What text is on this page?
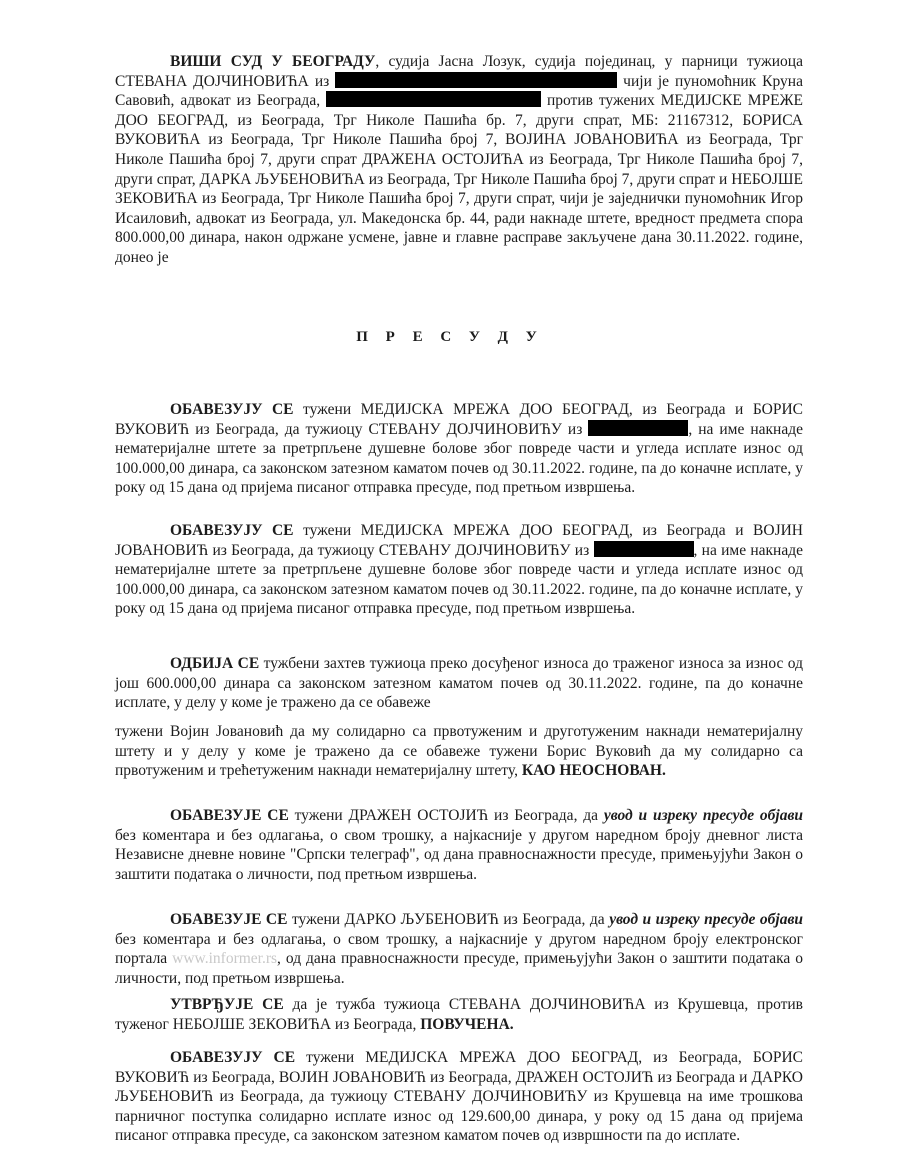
ВИШИ СУД У БЕОГРАДУ, судија Јасна Лозук, судија појединац, у парници тужиоца СТЕВАНА ДОЈЧИНОВИЋА из	чији је пуномоћник Круна Савовић, адвокат из Београда,	против тужених МЕДИЈСКЕ МРЕЖЕ ДОО БЕОГРАД, из Београда, Трг Николе Пашића бр. 7, други спрат, МБ: 21167312, БОРИСА ВУКОВИЋА из Београда, Трг Николе Пашића број 7, ВОЈИНА ЈОВАНОВИЋА из Београда, Трг Николе Пашића број 7, други спрат ДРАЖЕНА ОСТОЈИЋА из Београда, Трг Николе Пашића број 7, други спрат, ДАРКА ЉУБЕНОВИЋА из Београда, Трг Николе Пашића број 7, други спрат и НЕБОЈШЕ ЗЕКОВИЋА из Београда, Трг Николе Пашића број 7, други спрат, чији је заједнички пуномоћник Игор Исаиловић, адвокат из Београда, ул. Македонска бр. 44, ради накнаде штете, вредност предмета спора 800.000,00 динара, након одржане усмене, јавне и главне расправе закључене дана 30.11.2022. године, донео је

П Р Е С У Д У

ОБАВЕЗУЈУ СЕ тужени МЕДИЈСКА МРЕЖА ДОО БЕОГРАД, из Београда и БОРИС ВУКОВИЋ из Београда, да тужиоцу СТЕВАНУ ДОЈЧИНОВИЋУ из	, на име накнаде нематеријалне штете за претрпљене душевне болове због повреде части и угледа исплате износ од 100.000,00 динара, са законском затезном каматом почев од 30.11.2022. године, па до коначне исплате, у року од 15 дана од пријема писаног отправка пресуде, под претњом извршења.

ОБАВЕЗУЈУ СЕ тужени МЕДИЈСКА МРЕЖА ДОО БЕОГРАД, из Београда и ВОЈИН ЈОВАНОВИЋ из Београда, да тужиоцу СТЕВАНУ ДОЈЧИНОВИЋУ из	, на име накнаде нематеријалне штете за претрпљене душевне болове због повреде части и угледа исплате износ од 100.000,00 динара, са законском затезном каматом почев од 30.11.2022. године, па до коначне исплате, у року од 15 дана од пријема писаног отправка пресуде, под претњом извршења.

ОДБИЈА СЕ тужбени захтев тужиоца преко досуђеног износа до траженог износа за износ од још 600.000,00 динара са законском затезном каматом почев од 30.11.2022. године, па до коначне исплате, у делу у коме је тражено да се обавеже

тужени Војин Јовановић да му солидарно са првотуженим и друготуженим накнади нематеријалну штету и у делу у коме је тражено да се обавеже тужени Борис Вуковић да му солидарно са првотуженим и трећетуженим накнади нематеријалну штету, КАО НЕОСНОВАН.

ОБАВЕЗУЈЕ СЕ тужени ДРАЖЕН ОСТОЈИЋ из Београда, да увод и изреку пресуде објави без коментара и без одлагања, о свом трошку, а најкасније у другом наредном броју дневног листа Независне дневне новине "Српски телеграф", од дана правноснажности пресуде, примењујући Закон о заштити података о личности, под претњом извршења.

ОБАВЕЗУЈЕ СЕ тужени ДАРКО ЉУБЕНОВИЋ из Београда, да увод и изреку пресуде објави без коментара и без одлагања, о свом трошку, а најкасније у другом наредном броју електронског портала www.informer.rs, од дана правноснажности пресуде, примењујући Закон о заштити података о личности, под претњом извршења.

УТВРЂУЈЕ СЕ да је тужба тужиоца СТЕВАНА ДОЈЧИНОВИЋА из Крушевца, против туженог НЕБОЈШЕ ЗЕКОВИЋА из Београда, ПОВУЧЕНА.

ОБАВЕЗУЈУ СЕ тужени МЕДИЈСКА МРЕЖА ДОО БЕОГРАД, из Београда, БОРИС ВУКОВИЋ из Београда, ВОЈИН ЈОВАНОВИЋ из Београда, ДРАЖЕН ОСТОЈИЋ из Београда и ДАРКО ЉУБЕНОВИЋ из Београда, да тужиоцу СТЕВАНУ ДОЈЧИНОВИЋУ из Крушевца на име трошкова парничног поступка солидарно исплате износ од 129.600,00 динара, у року од 15 дана од пријема писаног отправка пресуде, са законском затезном каматом почев од извршности па до исплате.
